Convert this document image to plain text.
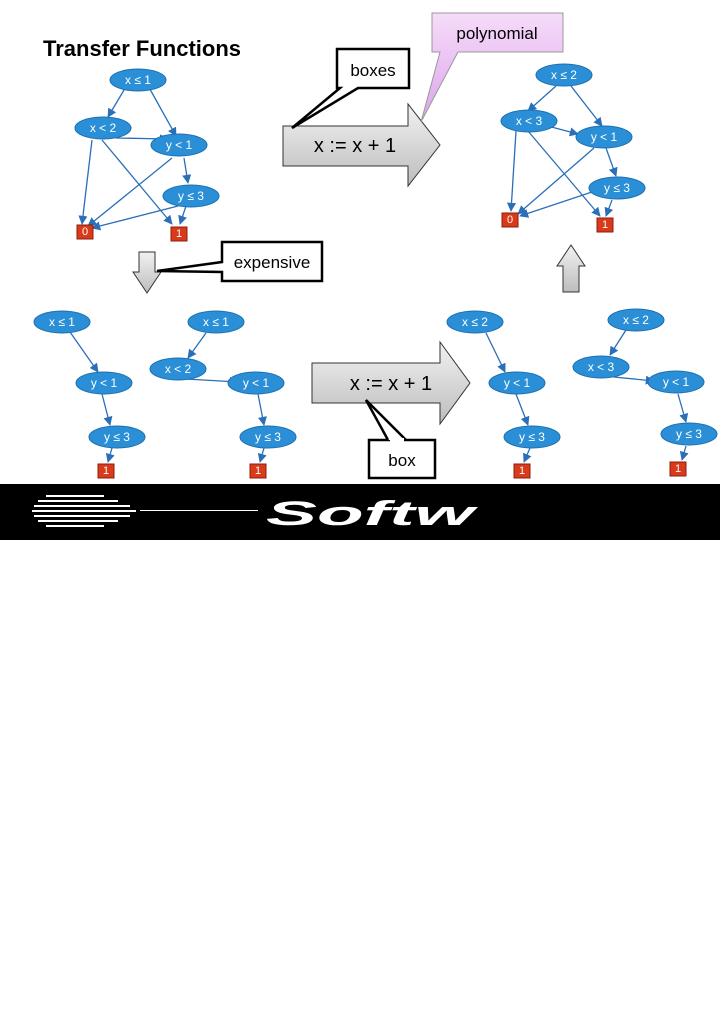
Transfer Functions
x ≤ 1
x < 2
y < 1
y ≤ 3
0	1
x ≤ 2
x < 3
y < 1
y ≤ 3
0	1
x ≤ 1
y < 1
y ≤ 3
1
x ≤ 1
x < 2
y < 1
y ≤ 3
1
x ≤ 2
y < 1
y ≤ 3
1
x ≤ 2
x < 3
y < 1
y ≤ 3
1
x := x + 1
x := x + 1
polynomial
boxes
expensive
box
Softw
Boxes: An Abstract Domain of Boxes
Arie Gurfinkel and Sagar Chaki
© 2010 Carnegie Mellon University
7
